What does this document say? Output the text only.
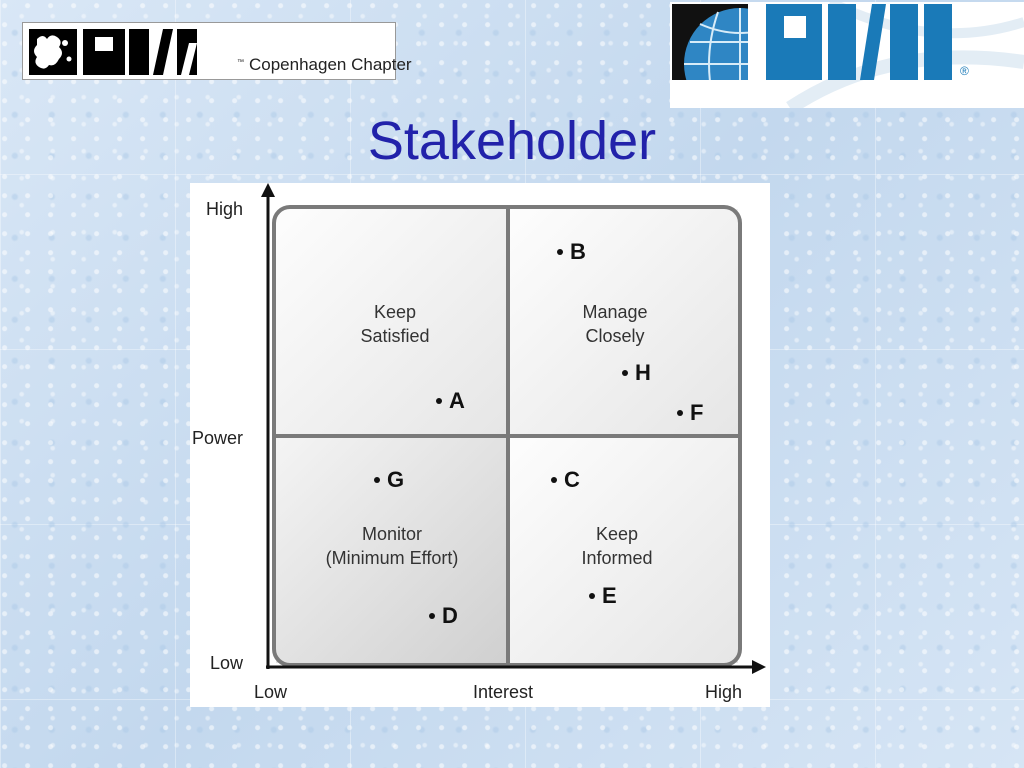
™ Copenhagen Chapter	®
Stakeholder
High
Power
Low
Low	Interest	High
Keep
Satisfied
Manage
Closely
Monitor
(Minimum Effort)
Keep
Informed
A
B
C
D
E
F
G
H
